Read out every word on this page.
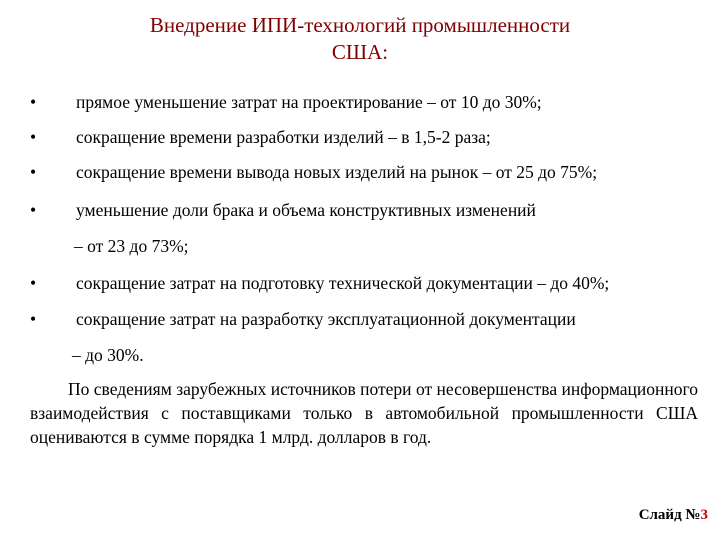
Внедрение ИПИ-технологий промышленности
США:
• прямое уменьшение затрат на проектирование – от 10 до 30%;
• сокращение времени разработки изделий – в 1,5-2 раза;
• сокращение времени вывода новых изделий на рынок – от 25 до 75%;
• уменьшение доли брака и объема конструктивных изменений
– от 23 до 73%;
• сокращение затрат на подготовку технической документации – до 40%;
• сокращение затрат на разработку эксплуатационной документации
– до 30%.
По сведениям зарубежных источников потери от несовершенства информационного взаимодействия с поставщиками только в автомобильной промышленности США оцениваются в сумме порядка 1 млрд. долларов в год.
Слайд №3
